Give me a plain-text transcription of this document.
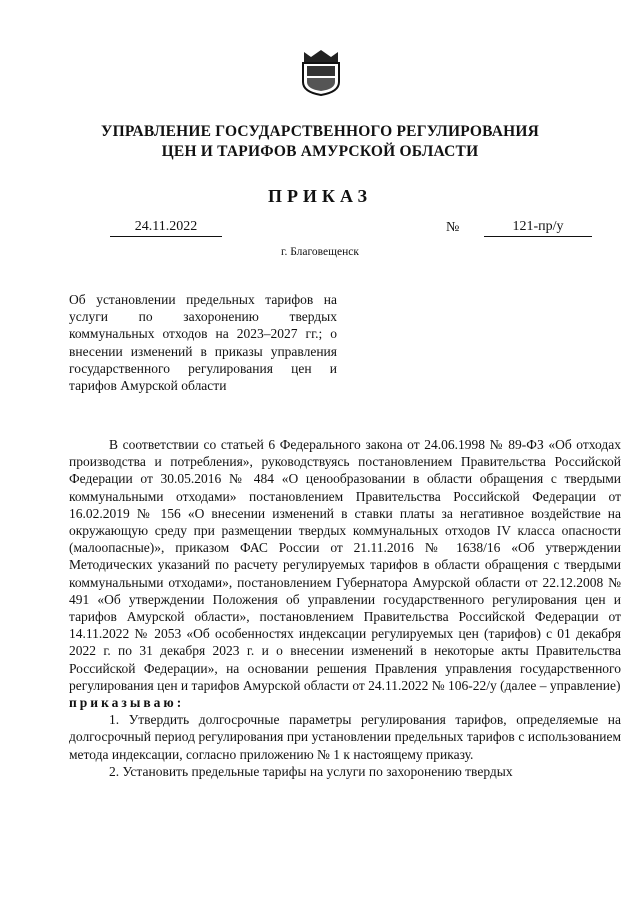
УПРАВЛЕНИЕ ГОСУДАРСТВЕННОГО РЕГУЛИРОВАНИЯ
ЦЕН И ТАРИФОВ АМУРСКОЙ ОБЛАСТИ
ПРИКАЗ
24.11.2022	№	121-пр/у
г. Благовещенск
Об установлении предельных тарифов на услуги по захоронению твердых коммунальных отходов на 2023–2027 гг.; о внесении изменений в приказы управления государственного регулирования цен и тарифов Амурской области

В соответствии со статьей 6 Федерального закона от 24.06.1998 № 89-ФЗ «Об отходах производства и потребления», руководствуясь постановлением Правительства Российской Федерации от 30.05.2016 № 484 «О ценообразовании в области обращения с твердыми коммунальными отходами» постановлением Правительства Российской Федерации от 16.02.2019 № 156 «О внесении изменений в ставки платы за негативное воздействие на окружающую среду при размещении твердых коммунальных отходов IV класса опасности (малоопасные)», приказом ФАС России от 21.11.2016 № 1638/16 «Об утверждении Методических указаний по расчету регулируемых тарифов в области обращения с твердыми коммунальными отходами», постановлением Губернатора Амурской области от 22.12.2008 № 491 «Об утверждении Положения об управлении государственного регулирования цен и тарифов Амурской области», постановлением Правительства Российской Федерации от 14.11.2022 № 2053 «Об особенностях индексации регулируемых цен (тарифов) с 01 декабря 2022 г. по 31 декабря 2023 г. и о внесении изменений в некоторые акты Правительства Российской Федерации», на основании решения Правления управления государственного регулирования цен и тарифов Амурской области от 24.11.2022 № 106-22/у (далее – управление)

приказываю:

1. Утвердить долгосрочные параметры регулирования тарифов, определяемые на долгосрочный период регулирования при установлении предельных тарифов с использованием метода индексации, согласно приложению № 1 к настоящему приказу.

2. Установить предельные тарифы на услуги по захоронению твердых
